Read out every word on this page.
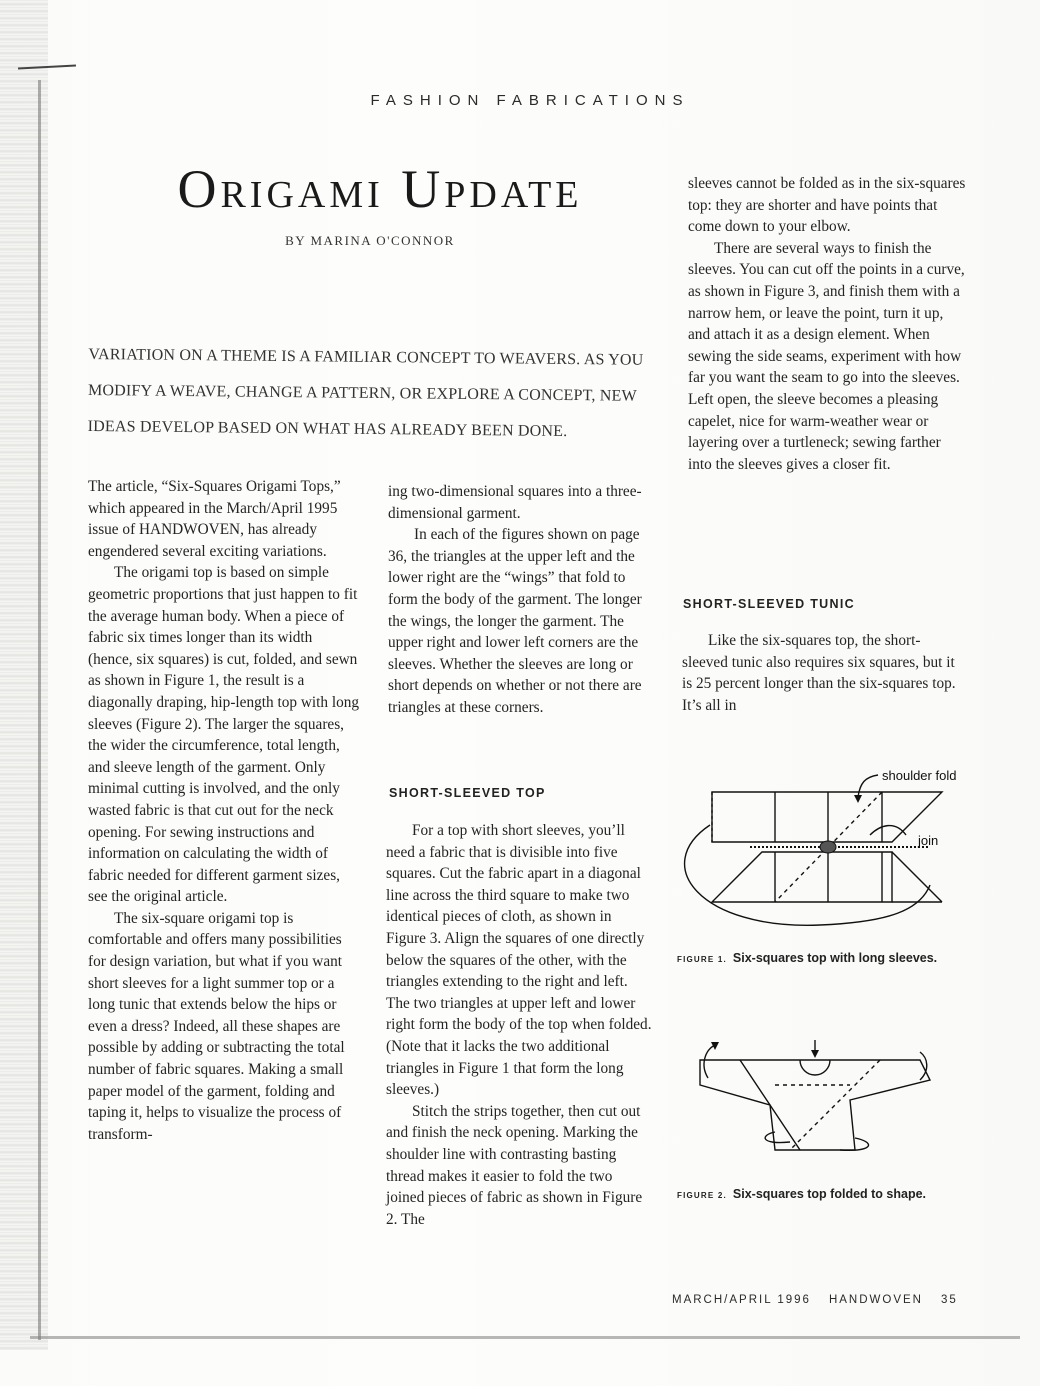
FASHION FABRICATIONS
Origami Update
BY MARINA O'CONNOR
VARIATION ON A THEME IS A FAMILIAR CONCEPT TO WEAVERS. AS YOU MODIFY A WEAVE, CHANGE A PATTERN, OR EXPLORE A CONCEPT, NEW IDEAS DEVELOP BASED ON WHAT HAS ALREADY BEEN DONE.

The article, “Six-Squares Origami Tops,” which appeared in the March/April 1995 issue of HANDWOVEN, has already engendered several exciting variations.

The origami top is based on simple geometric proportions that just happen to fit the average human body. When a piece of fabric six times longer than its width (hence, six squares) is cut, folded, and sewn as shown in Figure 1, the result is a diagonally draping, hip-length top with long sleeves (Figure 2). The larger the squares, the wider the circumference, total length, and sleeve length of the garment. Only minimal cutting is involved, and the only wasted fabric is that cut out for the neck opening. For sewing instructions and information on calculating the width of fabric needed for different garment sizes, see the original article.

The six-square origami top is comfortable and offers many possibilities for design variation, but what if you want short sleeves for a light summer top or a long tunic that extends below the hips or even a dress? Indeed, all these shapes are possible by adding or subtracting the total number of fabric squares. Making a small paper model of the garment, folding and taping it, helps to visualize the process of transform-

ing two-dimensional squares into a three-dimensional garment.

In each of the figures shown on page 36, the triangles at the upper left and the lower right are the “wings” that fold to form the body of the garment. The longer the wings, the longer the garment. The upper right and lower left corners are the sleeves. Whether the sleeves are long or short depends on whether or not there are triangles at these corners.

SHORT-SLEEVED TOP

For a top with short sleeves, you’ll need a fabric that is divisible into five squares. Cut the fabric apart in a diagonal line across the third square to make two identical pieces of cloth, as shown in Figure 3. Align the squares of one directly below the squares of the other, with the triangles extending to the right and left. The two triangles at upper left and lower right form the body of the top when folded. (Note that it lacks the two additional triangles in Figure 1 that form the long sleeves.)

Stitch the strips together, then cut out and finish the neck opening. Marking the shoulder line with contrasting basting thread makes it easier to fold the two joined pieces of fabric as shown in Figure 2. The

sleeves cannot be folded as in the six-squares top: they are shorter and have points that come down to your elbow.

There are several ways to finish the sleeves. You can cut off the points in a curve, as shown in Figure 3, and finish them with a narrow hem, or leave the point, turn it up, and attach it as a design element. When sewing the side seams, experiment with how far you want the seam to go into the sleeves. Left open, the sleeve becomes a pleasing capelet, nice for warm-weather wear or layering over a turtleneck; sewing farther into the sleeves gives a closer fit.

SHORT-SLEEVED TUNIC

Like the six-squares top, the short-sleeved tunic also requires six squares, but it is 25 percent longer than the six-squares top. It’s all in

shoulder fold
join
FIGURE 1. Six-squares top with long sleeves.
FIGURE 2. Six-squares top folded to shape.
MARCH/APRIL 1996 HANDWOVEN 35
